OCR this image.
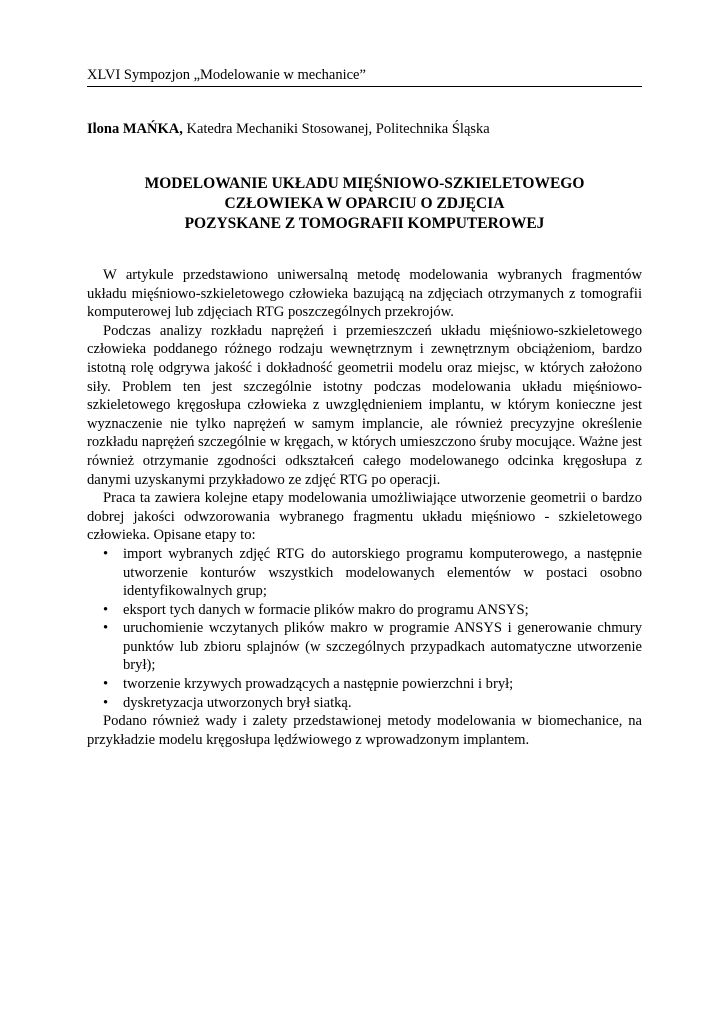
XLVI Sympozjon „Modelowanie w mechanice”
Ilona MAŃKA, Katedra Mechaniki Stosowanej, Politechnika Śląska
MODELOWANIE UKŁADU MIĘŚNIOWO-SZKIELETOWEGO
CZŁOWIEKA W OPARCIU O ZDJĘCIA
POZYSKANE Z TOMOGRAFII KOMPUTEROWEJ

W artykule przedstawiono uniwersalną metodę modelowania wybranych fragmentów układu mięśniowo-szkieletowego człowieka bazującą na zdjęciach otrzymanych z tomografii komputerowej lub zdjęciach RTG poszczególnych przekrojów.

Podczas analizy rozkładu naprężeń i przemieszczeń układu mięśniowo-szkieletowego człowieka poddanego różnego rodzaju wewnętrznym i zewnętrznym obciążeniom, bardzo istotną rolę odgrywa jakość i dokładność geometrii modelu oraz miejsc, w których założono siły. Problem ten jest szczególnie istotny podczas modelowania układu mięśniowo-szkieletowego kręgosłupa człowieka z uwzględnieniem implantu, w którym konieczne jest wyznaczenie nie tylko naprężeń w samym implancie, ale również precyzyjne określenie rozkładu naprężeń szczególnie w kręgach, w których umieszczono śruby mocujące. Ważne jest również otrzymanie zgodności odkształceń całego modelowanego odcinka kręgosłupa z danymi uzyskanymi przykładowo ze zdjęć RTG po operacji.

Praca ta zawiera kolejne etapy modelowania umożliwiające utworzenie geometrii o bardzo dobrej jakości odwzorowania wybranego fragmentu układu mięśniowo - szkieletowego człowieka. Opisane etapy to:

• import wybranych zdjęć RTG do autorskiego programu komputerowego, a następnie utworzenie konturów wszystkich modelowanych elementów w postaci osobno identyfikowalnych grup;
• eksport tych danych w formacie plików makro do programu ANSYS;
• uruchomienie wczytanych plików makro w programie ANSYS i generowanie chmury punktów lub zbioru splajnów (w szczególnych przypadkach automatyczne utworzenie brył);
• tworzenie krzywych prowadzących a następnie powierzchni i brył;
• dyskretyzacja utworzonych brył siatką.

Podano również wady i zalety przedstawionej metody modelowania w biomechanice, na przykładzie modelu kręgosłupa lędźwiowego z wprowadzonym implantem.
